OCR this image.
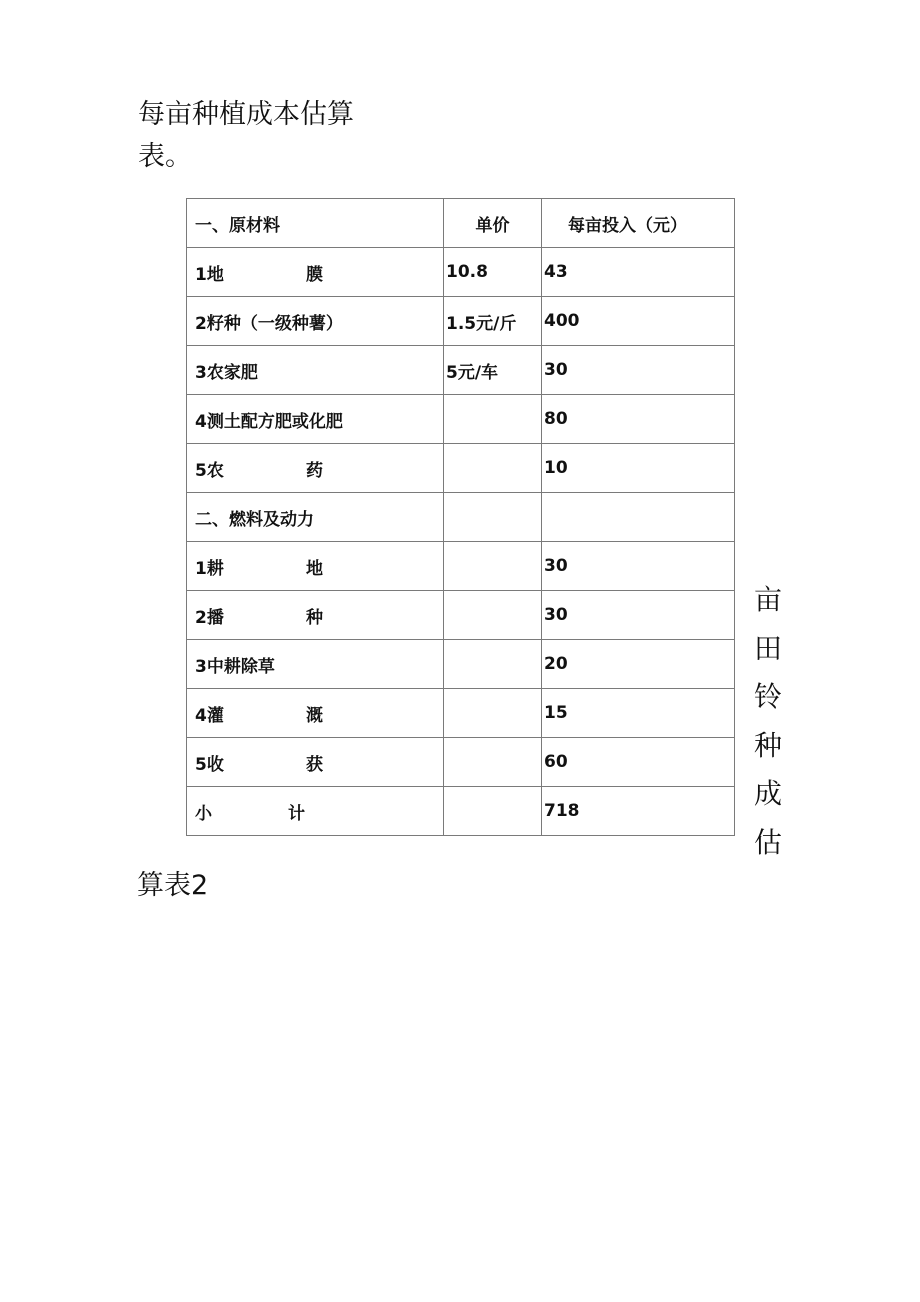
每亩种植成本估算表。
一、原材料	单价	每亩投入（元）

1地 膜	10.8	43
2籽种（一级种薯）	1.5元/斤	400
3农家肥	5元/车	30
4测土配方肥或化肥		80

5农 药		10
二、燃料及动力		

1耕 地		30

2播 种		30
3中耕除草		20

4灌 溉		15

5收 获		60

小 计		718
亩
田
铃
种
成
估
算表2
